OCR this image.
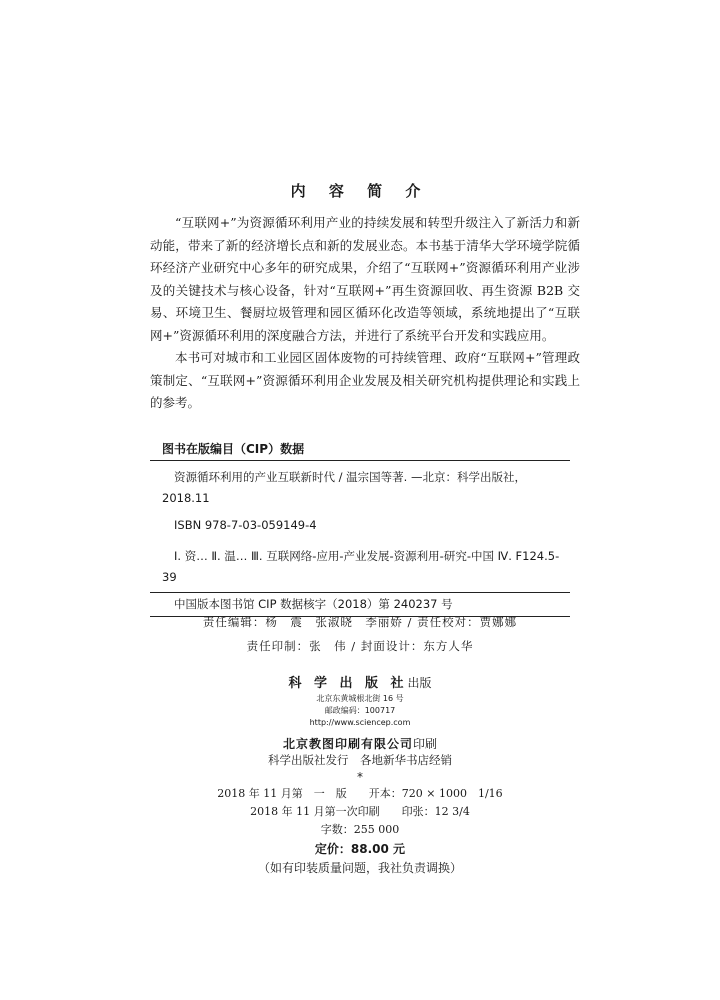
内 容 简 介

“互联网+”为资源循环利用产业的持续发展和转型升级注入了新活力和新动能，带来了新的经济增长点和新的发展业态。本书基于清华大学环境学院循环经济产业研究中心多年的研究成果，介绍了“互联网+”资源循环利用产业涉及的关键技术与核心设备，针对“互联网+”再生资源回收、再生资源 B2B 交易、环境卫生、餐厨垃圾管理和园区循环化改造等领域，系统地提出了“互联网+”资源循环利用的深度融合方法，并进行了系统平台开发和实践应用。

本书可对城市和工业园区固体废物的可持续管理、政府“互联网+”管理政策制定、“互联网+”资源循环利用企业发展及相关研究机构提供理论和实践上的参考。

图书在版编目（CIP）数据
资源循环利用的产业互联新时代 / 温宗国等著. —北京：科学出版社，2018.11
ISBN 978-7-03-059149-4
Ⅰ. 资… Ⅱ. 温… Ⅲ. 互联网络-应用-产业发展-资源利用-研究-中国 Ⅳ. F124.5-39
中国版本图书馆 CIP 数据核字（2018）第 240237 号
责任编辑：杨　震　张淑晓　李丽娇 / 责任校对：贾娜娜
责任印制：张　伟 / 封面设计：东方人华
科 学 出 版 社出版
北京东黄城根北街 16 号
邮政编码：100717
http://www.sciencep.com
北京教图印刷有限公司印刷
科学出版社发行　各地新华书店经销
*
2018 年 11 月第　一　版　　开本：720 × 1000　1/16
2018 年 11 月第一次印刷　　印张：12 3/4
字数：255 000
定价：88.00 元
（如有印装质量问题，我社负责调换）
